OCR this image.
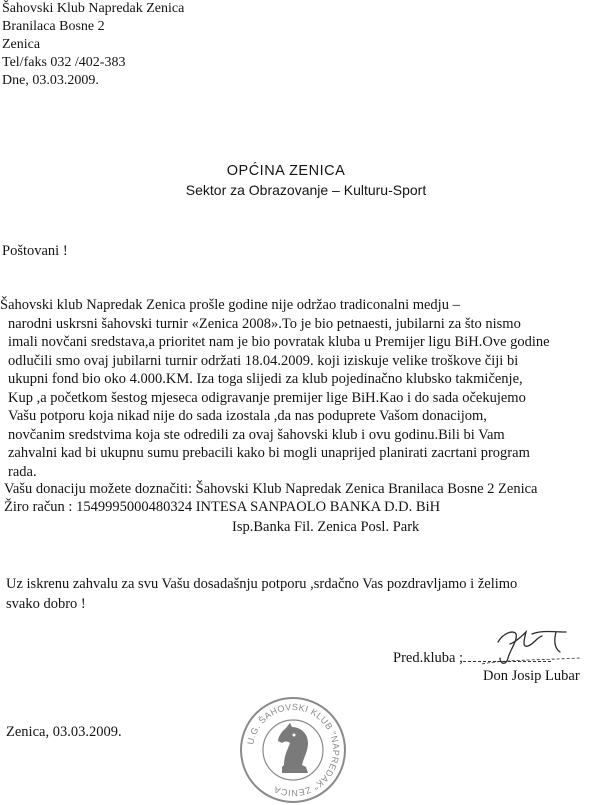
Šahovski Klub Napredak Zenica
Branilaca Bosne 2
Zenica
Tel/faks 032 /402-383
Dne, 03.03.2009.
OPĆINA ZENICA
Sektor za Obrazovanje – Kulturu-Sport
Poštovani !
Šahovski klub Napredak Zenica prošle godine nije održao tradiconalni medju –
narodni uskrsni šahovski turnir «Zenica 2008».To je bio petnaesti, jubilarni za što nismo
imali novčani sredstava,a prioritet nam je bio povratak kluba u Premijer ligu BiH.Ove godine
odlučili smo ovaj jubilarni turnir održati 18.04.2009. koji iziskuje velike troškove čiji bi
ukupni fond bio oko 4.000.KM. Iza toga slijedi za klub pojedinačno klubsko takmičenje,
Kup ,a početkom šestog mjeseca odigravanje premijer lige BiH.Kao i do sada očekujemo
Vašu potporu koja nikad nije do sada izostala ,da nas poduprete Vašom donacijom,
novčanim sredstvima koja ste odredili za ovaj šahovski klub i ovu godinu.Bili bi Vam
zahvalni kad bi ukupnu sumu prebacili kako bi mogli unaprijed planirati zacrtani program
rada.
Vašu donaciju možete doznačiti: Šahovski Klub Napredak Zenica Branilaca Bosne 2 Zenica
Žiro račun : 1549995000480324 INTESA SANPAOLO BANKA D.D. BiH
Isp.Banka Fil. Zenica Posl. Park
Uz iskrenu zahvalu za svu Vašu dosadašnju potporu ,srdačno Vas pozdravljamo i želimo
svako dobro !
Pred.kluba ;
Don Josip Lubar
Zenica, 03.03.2009.
U.G. ŠAHOVSKI KLUB "NAPREDAK" ZENICA
